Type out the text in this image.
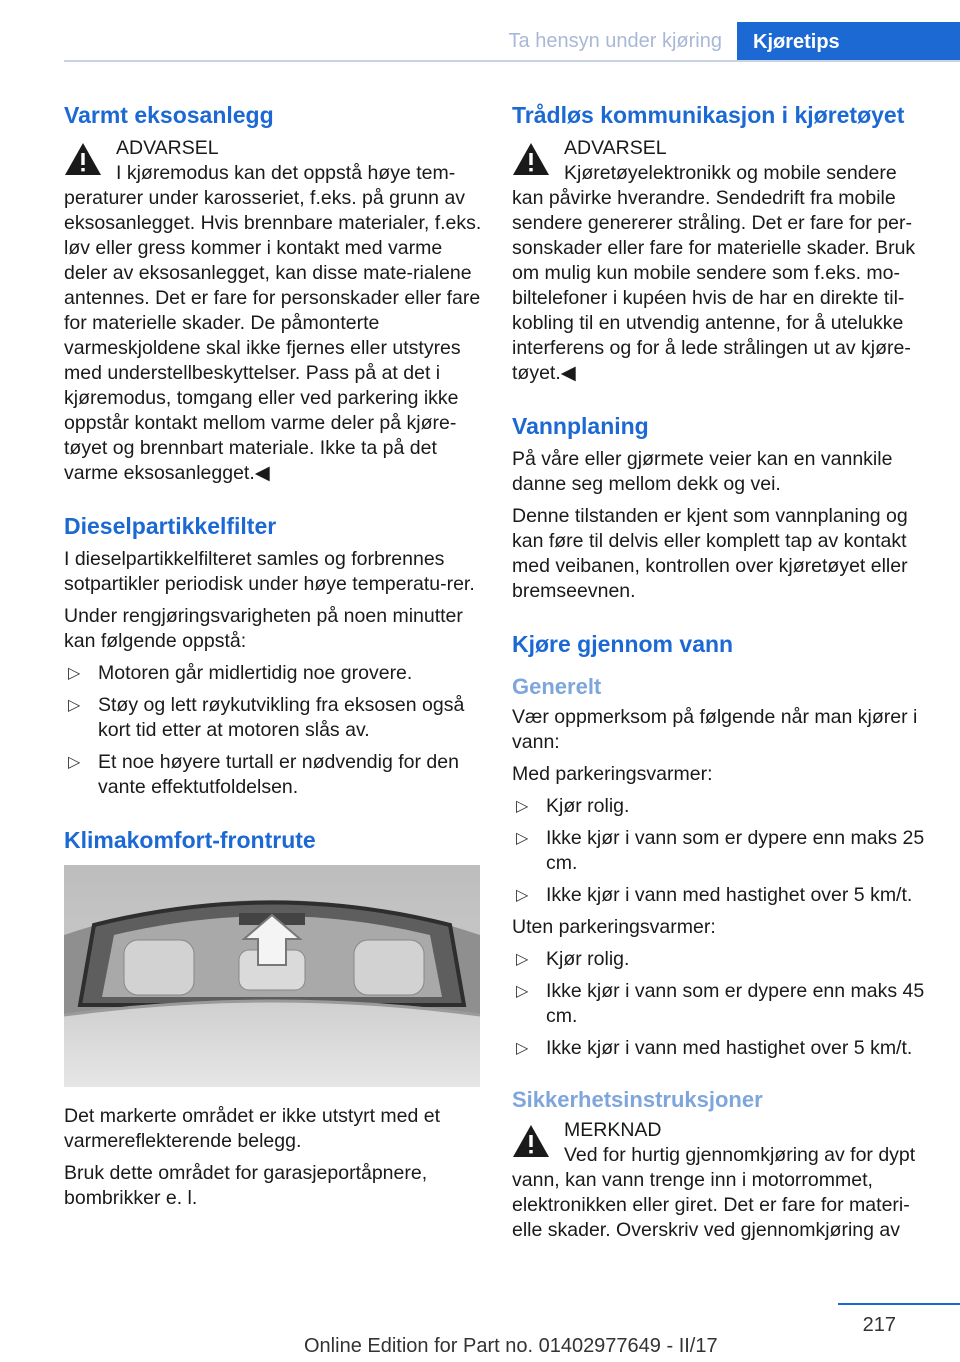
Ta hensyn under kjøring	Kjøretips
Varmt eksosanlegg
ADVARSEL
I kjøremodus kan det oppstå høye tem‐
peraturer under karosseriet, f.eks. på grunn av eksosanlegget. Hvis brennbare materialer, f.eks. løv eller gress kommer i kontakt med varme deler av eksosanlegget, kan disse mate‐rialene antennes. Det er fare for personskader eller fare for materielle skader. De påmonterte varmeskjoldene skal ikke fjernes eller utstyres med understellbeskyttelser. Pass på at det i kjøremodus, tomgang eller ved parkering ikke oppstår kontakt mellom varme deler på kjøre‐tøyet og brennbart materiale. Ikke ta på det varme eksosanlegget.◀
Dieselpartikkelfilter

I dieselpartikkelfilteret samles og forbrennes sotpartikler periodisk under høye temperatu‐rer.

Under rengjøringsvarigheten på noen minutter kan følgende oppstå:

▷ Motoren går midlertidig noe grovere.
▷ Støy og lett røykutvikling fra eksosen også kort tid etter at motoren slås av.
▷ Et noe høyere turtall er nødvendig for den vante effektutfoldelsen.
Klimakomfort-frontrute

Det markerte området er ikke utstyrt med et varmereflekterende belegg.

Bruk dette området for garasjeportåpnere, bombrikker e. l.

Trådløs kommunikasjon i kjøretøyet
ADVARSEL
Kjøretøyelektronikk og mobile sendere
kan påvirke hverandre. Sendedrift fra mobile sendere genererer stråling. Det er fare for per‐sonskader eller fare for materielle skader. Bruk om mulig kun mobile sendere som f.eks. mo‐biltelefoner i kupéen hvis de har en direkte til‐kobling til en utvendig antenne, for å utelukke interferens og for å lede strålingen ut av kjøre‐tøyet.◀
Vannplaning

På våre eller gjørmete veier kan en vannkile danne seg mellom dekk og vei.

Denne tilstanden er kjent som vannplaning og kan føre til delvis eller komplett tap av kontakt med veibanen, kontrollen over kjøretøyet eller bremseevnen.

Kjøre gjennom vann
Generelt

Vær oppmerksom på følgende når man kjører i vann:

Med parkeringsvarmer:

▷ Kjør rolig.
▷ Ikke kjør i vann som er dypere enn maks 25 cm.
▷ Ikke kjør i vann med hastighet over 5 km/t.

Uten parkeringsvarmer:

▷ Kjør rolig.
▷ Ikke kjør i vann som er dypere enn maks 45 cm.
▷ Ikke kjør i vann med hastighet over 5 km/t.
Sikkerhetsinstruksjoner
MERKNAD
Ved for hurtig gjennomkjøring av for dypt
vann, kan vann trenge inn i motorrommet, elektronikken eller giret. Det er fare for materi‐elle skader. Overskriv ved gjennomkjøring av
217
Online Edition for Part no. 01402977649 - II/17
